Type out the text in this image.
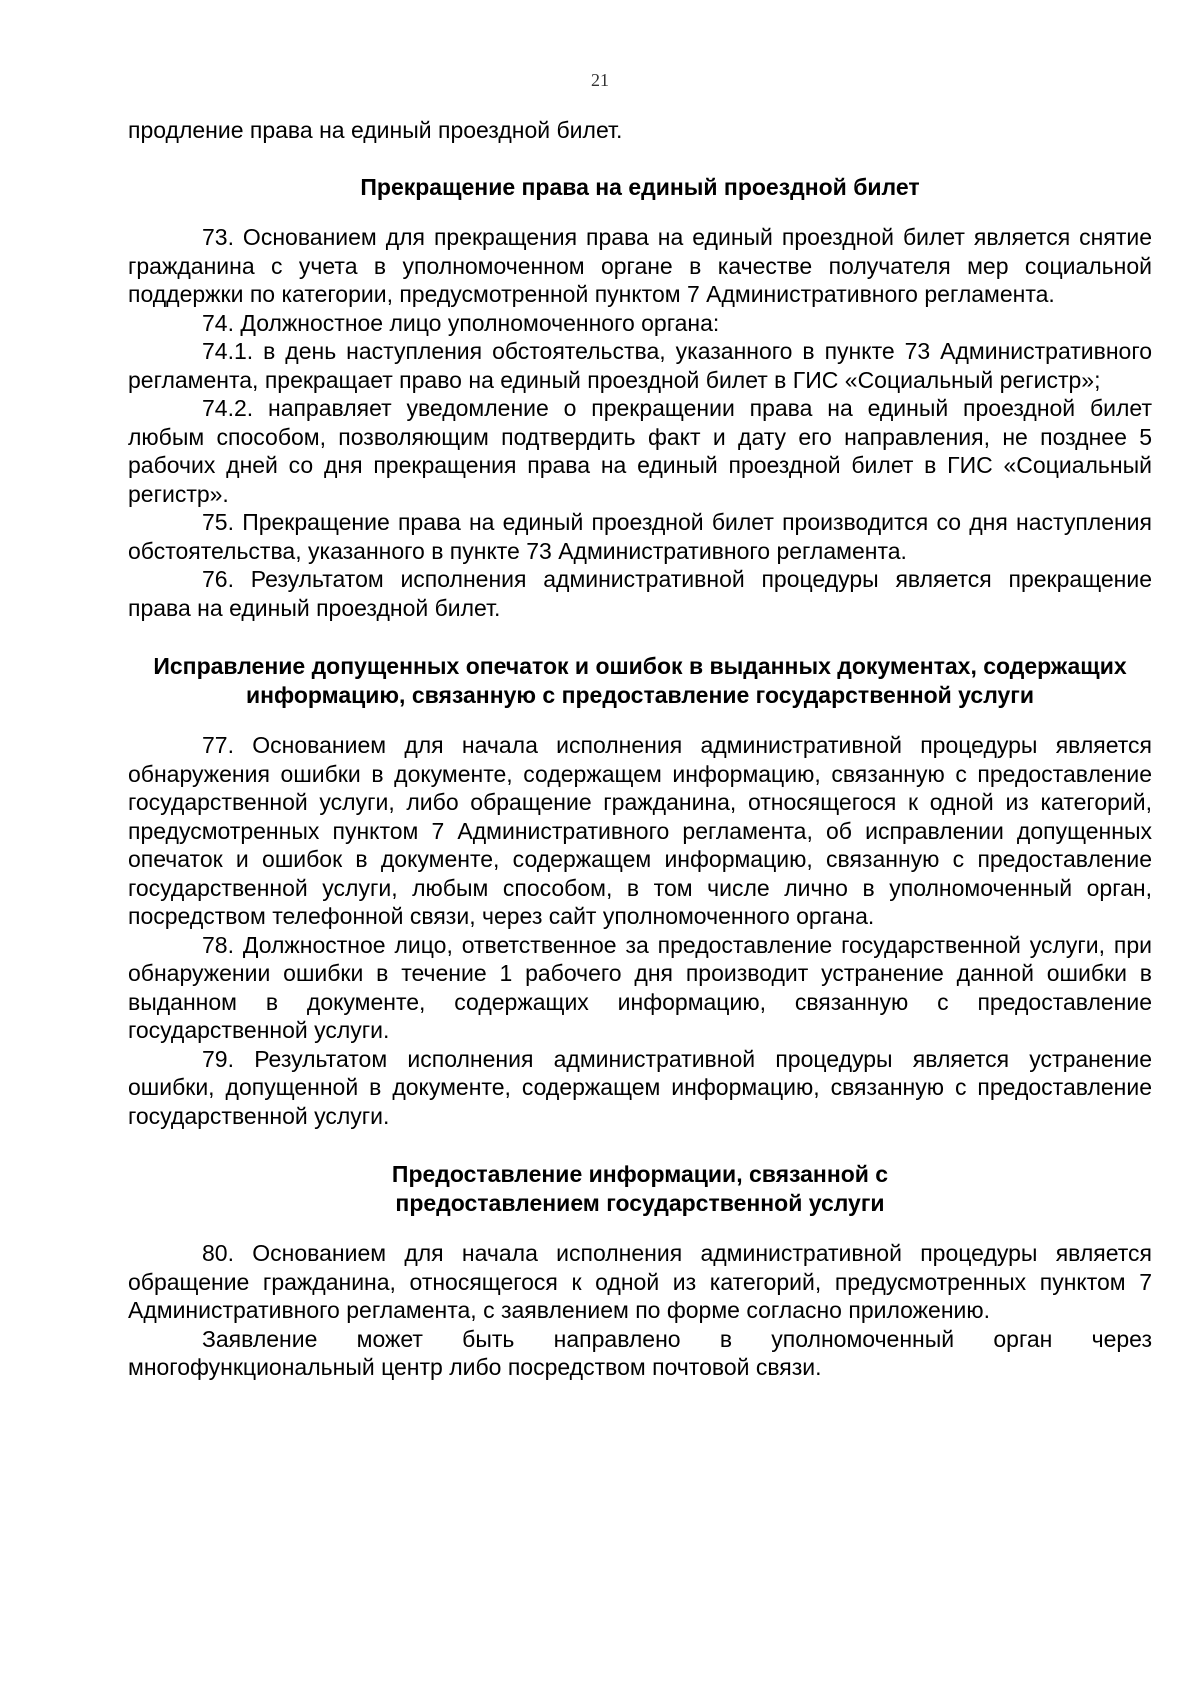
21

продление права на единый проездной билет.

Прекращение права на единый проездной билет

73. Основанием для прекращения права на единый проездной билет является снятие гражданина с учета в уполномоченном органе в качестве получателя мер социальной поддержки по категории, предусмотренной пунктом 7 Административного регламента.

74. Должностное лицо уполномоченного органа:

74.1. в день наступления обстоятельства, указанного в пункте 73 Административного регламента, прекращает право на единый проездной билет в ГИС «Социальный регистр»;

74.2. направляет уведомление о прекращении права на единый проездной билет любым способом, позволяющим подтвердить факт и дату его направления, не позднее 5 рабочих дней со дня прекращения права на единый проездной билет в ГИС «Социальный регистр».

75. Прекращение права на единый проездной билет производится со дня наступления обстоятельства, указанного в пункте 73 Административного регламента.

76. Результатом исполнения административной процедуры является прекращение права на единый проездной билет.

Исправление допущенных опечаток и ошибок в выданных документах, содержащих информацию, связанную с предоставление государственной услуги

77. Основанием для начала исполнения административной процедуры является обнаружения ошибки в документе, содержащем информацию, связанную с предоставление государственной услуги, либо обращение гражданина, относящегося к одной из категорий, предусмотренных пунктом 7 Административного регламента, об исправлении допущенных опечаток и ошибок в документе, содержащем информацию, связанную с предоставление государственной услуги, любым способом, в том числе лично в уполномоченный орган, посредством телефонной связи, через сайт уполномоченного органа.

78. Должностное лицо, ответственное за предоставление государственной услуги, при обнаружении ошибки в течение 1 рабочего дня производит устранение данной ошибки в выданном в документе, содержащих информацию, связанную с предоставление государственной услуги.

79. Результатом исполнения административной процедуры является устранение ошибки, допущенной в документе, содержащем информацию, связанную с предоставление государственной услуги.

Предоставление информации, связанной с предоставлением государственной услуги

80. Основанием для начала исполнения административной процедуры является обращение гражданина, относящегося к одной из категорий, предусмотренных пунктом 7 Административного регламента, с заявлением по форме согласно приложению.

Заявление может быть направлено в уполномоченный орган через многофункциональный центр либо посредством почтовой связи.
